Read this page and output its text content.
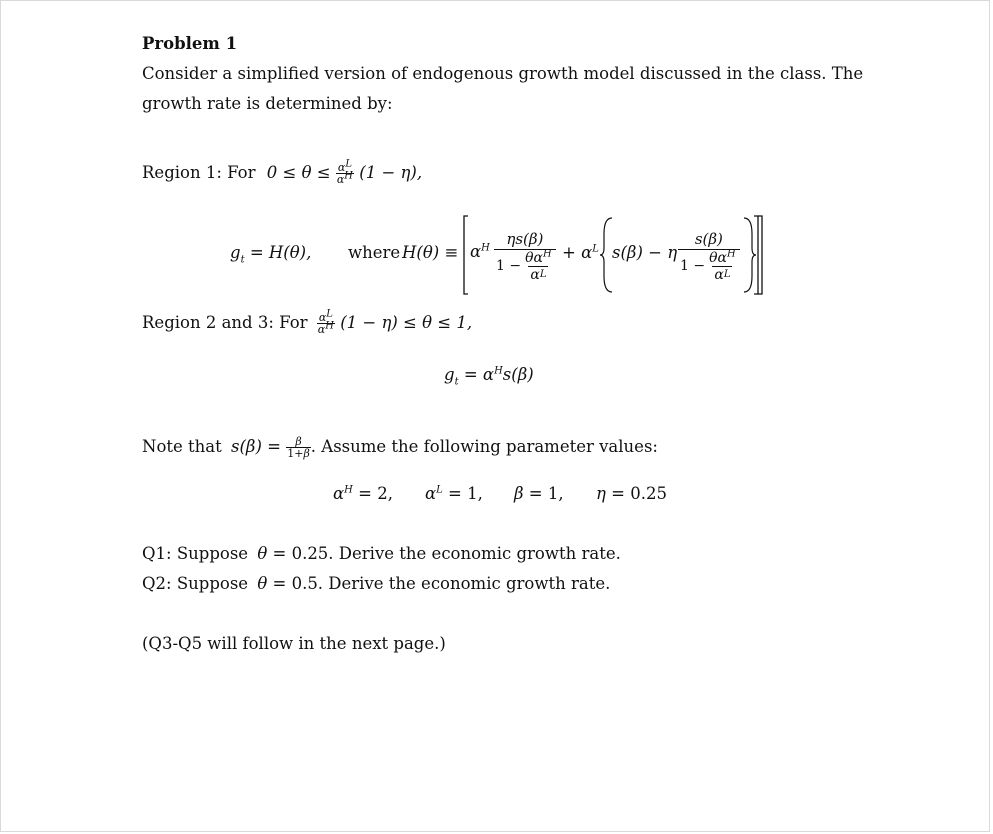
Problem 1
Consider a simplified version of endogenous growth model discussed in the class. The
growth rate is determined by:
Region 1: For $0 \le \theta \le \frac{\alpha^L}{\alpha^H} (1 - \eta)$,
$g_t = H(\theta)$, where $H(\theta) \equiv \alpha^H \frac{\eta s(\beta)}{1 - \frac{\theta\alpha^H}{\text{α L}}} + \alpha^L$ s(β) − η $\frac{s(\beta)}{1 - \frac{\theta\alpha^H}{\text{α L}}}$
Region 2 and 3: For $\frac{\alpha^L}{\alpha^H} (1 - \eta) \le \theta \le 1$,
$g_t = \alpha^Hs(\beta)$
Note that $s(\beta) = \frac{\beta}{1+\beta}$ . Assume the following parameter values:
$\alpha^H = 2$, $\alpha^L = 1$, β = 1, η = 0.25
Q1: Suppose θ = 0.25. Derive the economic growth rate.
Q2: Suppose θ = 0.5. Derive the economic growth rate.
(Q3-Q5 will follow in the next page.)
